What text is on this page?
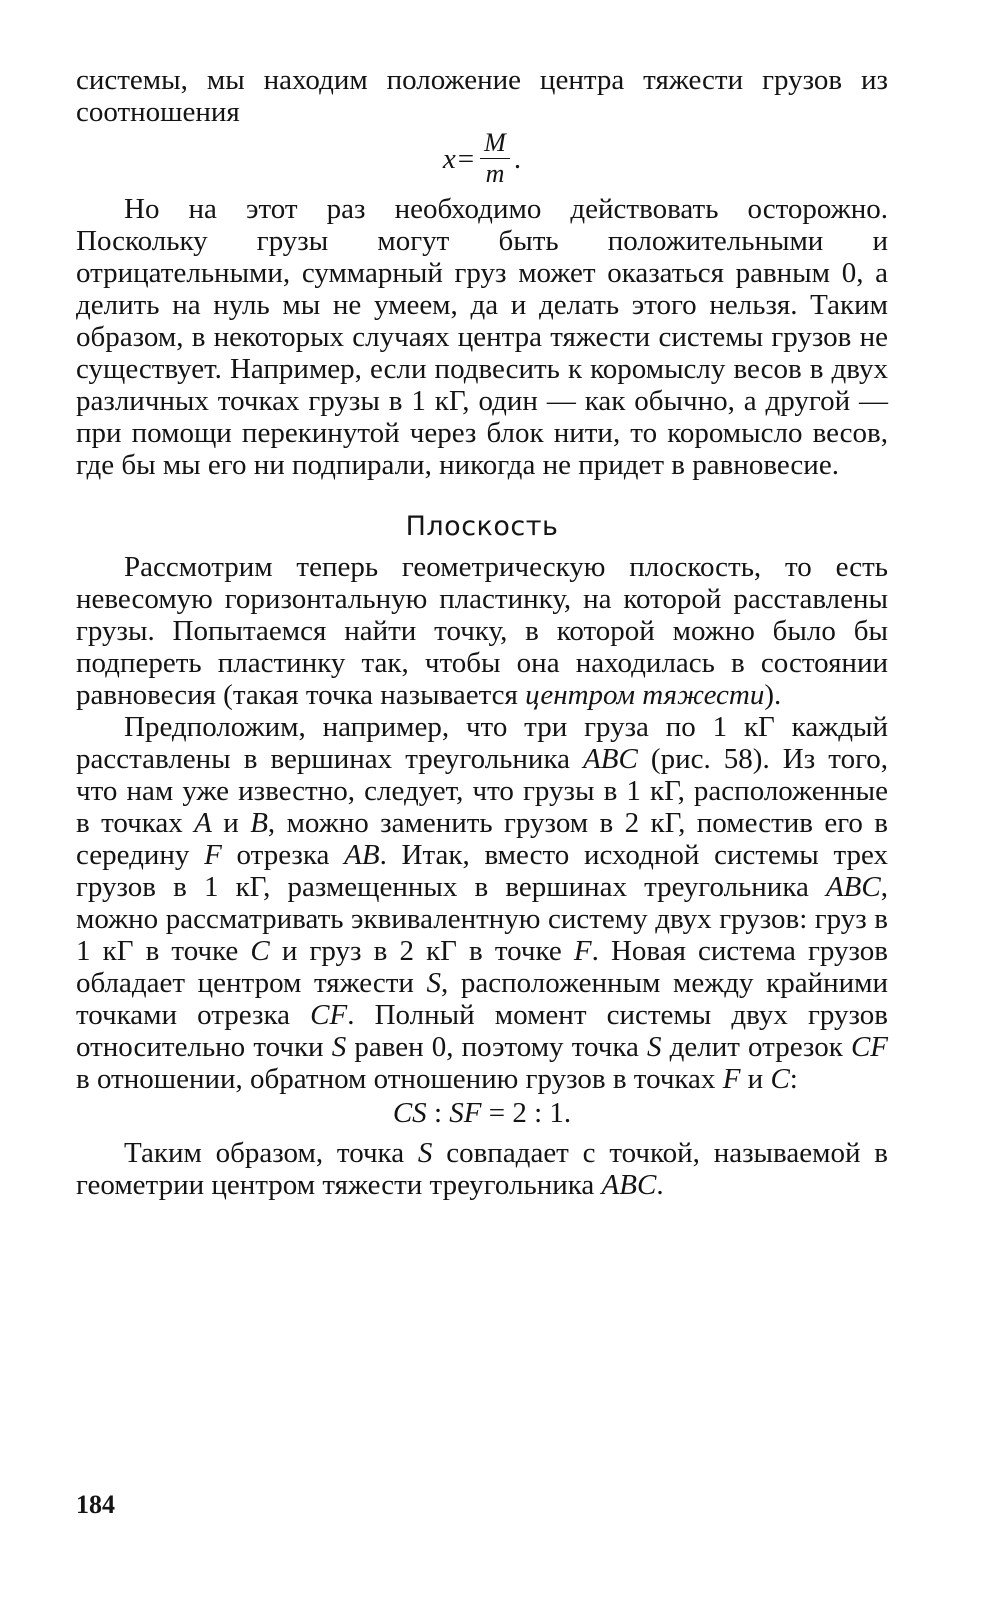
системы, мы находим положение центра тяжести грузов из соотношения

$x = \frac{M}{m}$ .

Но на этот раз необходимо действовать осторожно. Поскольку грузы могут быть положительными и отрицательными, суммарный груз может оказаться равным 0, а делить на нуль мы не умеем, да и делать этого нельзя. Таким образом, в некоторых случаях центра тяжести системы грузов не существует. Например, если подвесить к коромыслу весов в двух различных точках грузы в 1 кГ, один — как обычно, а другой — при помощи перекинутой через блок нити, то коромысло весов, где бы мы его ни подпирали, никогда не придет в равновесие.

Плоскость

Рассмотрим теперь геометрическую плоскость, то есть невесомую горизонтальную пластинку, на которой расставлены грузы. Попытаемся найти точку, в которой можно было бы подпереть пластинку так, чтобы она находилась в состоянии равновесия (такая точка называется центром тяжести).

Предположим, например, что три груза по 1 кГ каждый расставлены в вершинах треугольника ABC (рис. 58). Из того, что нам уже известно, следует, что грузы в 1 кГ, расположенные в точках A и B, можно заменить грузом в 2 кГ, поместив его в середину F отрезка AB. Итак, вместо исходной системы трех грузов в 1 кГ, размещенных в вершинах треугольника ABC, можно рассматривать эквивалентную систему двух грузов: груз в 1 кГ в точке C и груз в 2 кГ в точке F. Новая система грузов обладает центром тяжести S, расположенным между крайними точками отрезка CF. Полный момент системы двух грузов относительно точки S равен 0, поэтому точка S делит отрезок CF в отношении, обратном отношению грузов в точках F и C:

CS : SF = 2 : 1.

Таким образом, точка S совпадает с точкой, называемой в геометрии центром тяжести треугольника ABC.

184
